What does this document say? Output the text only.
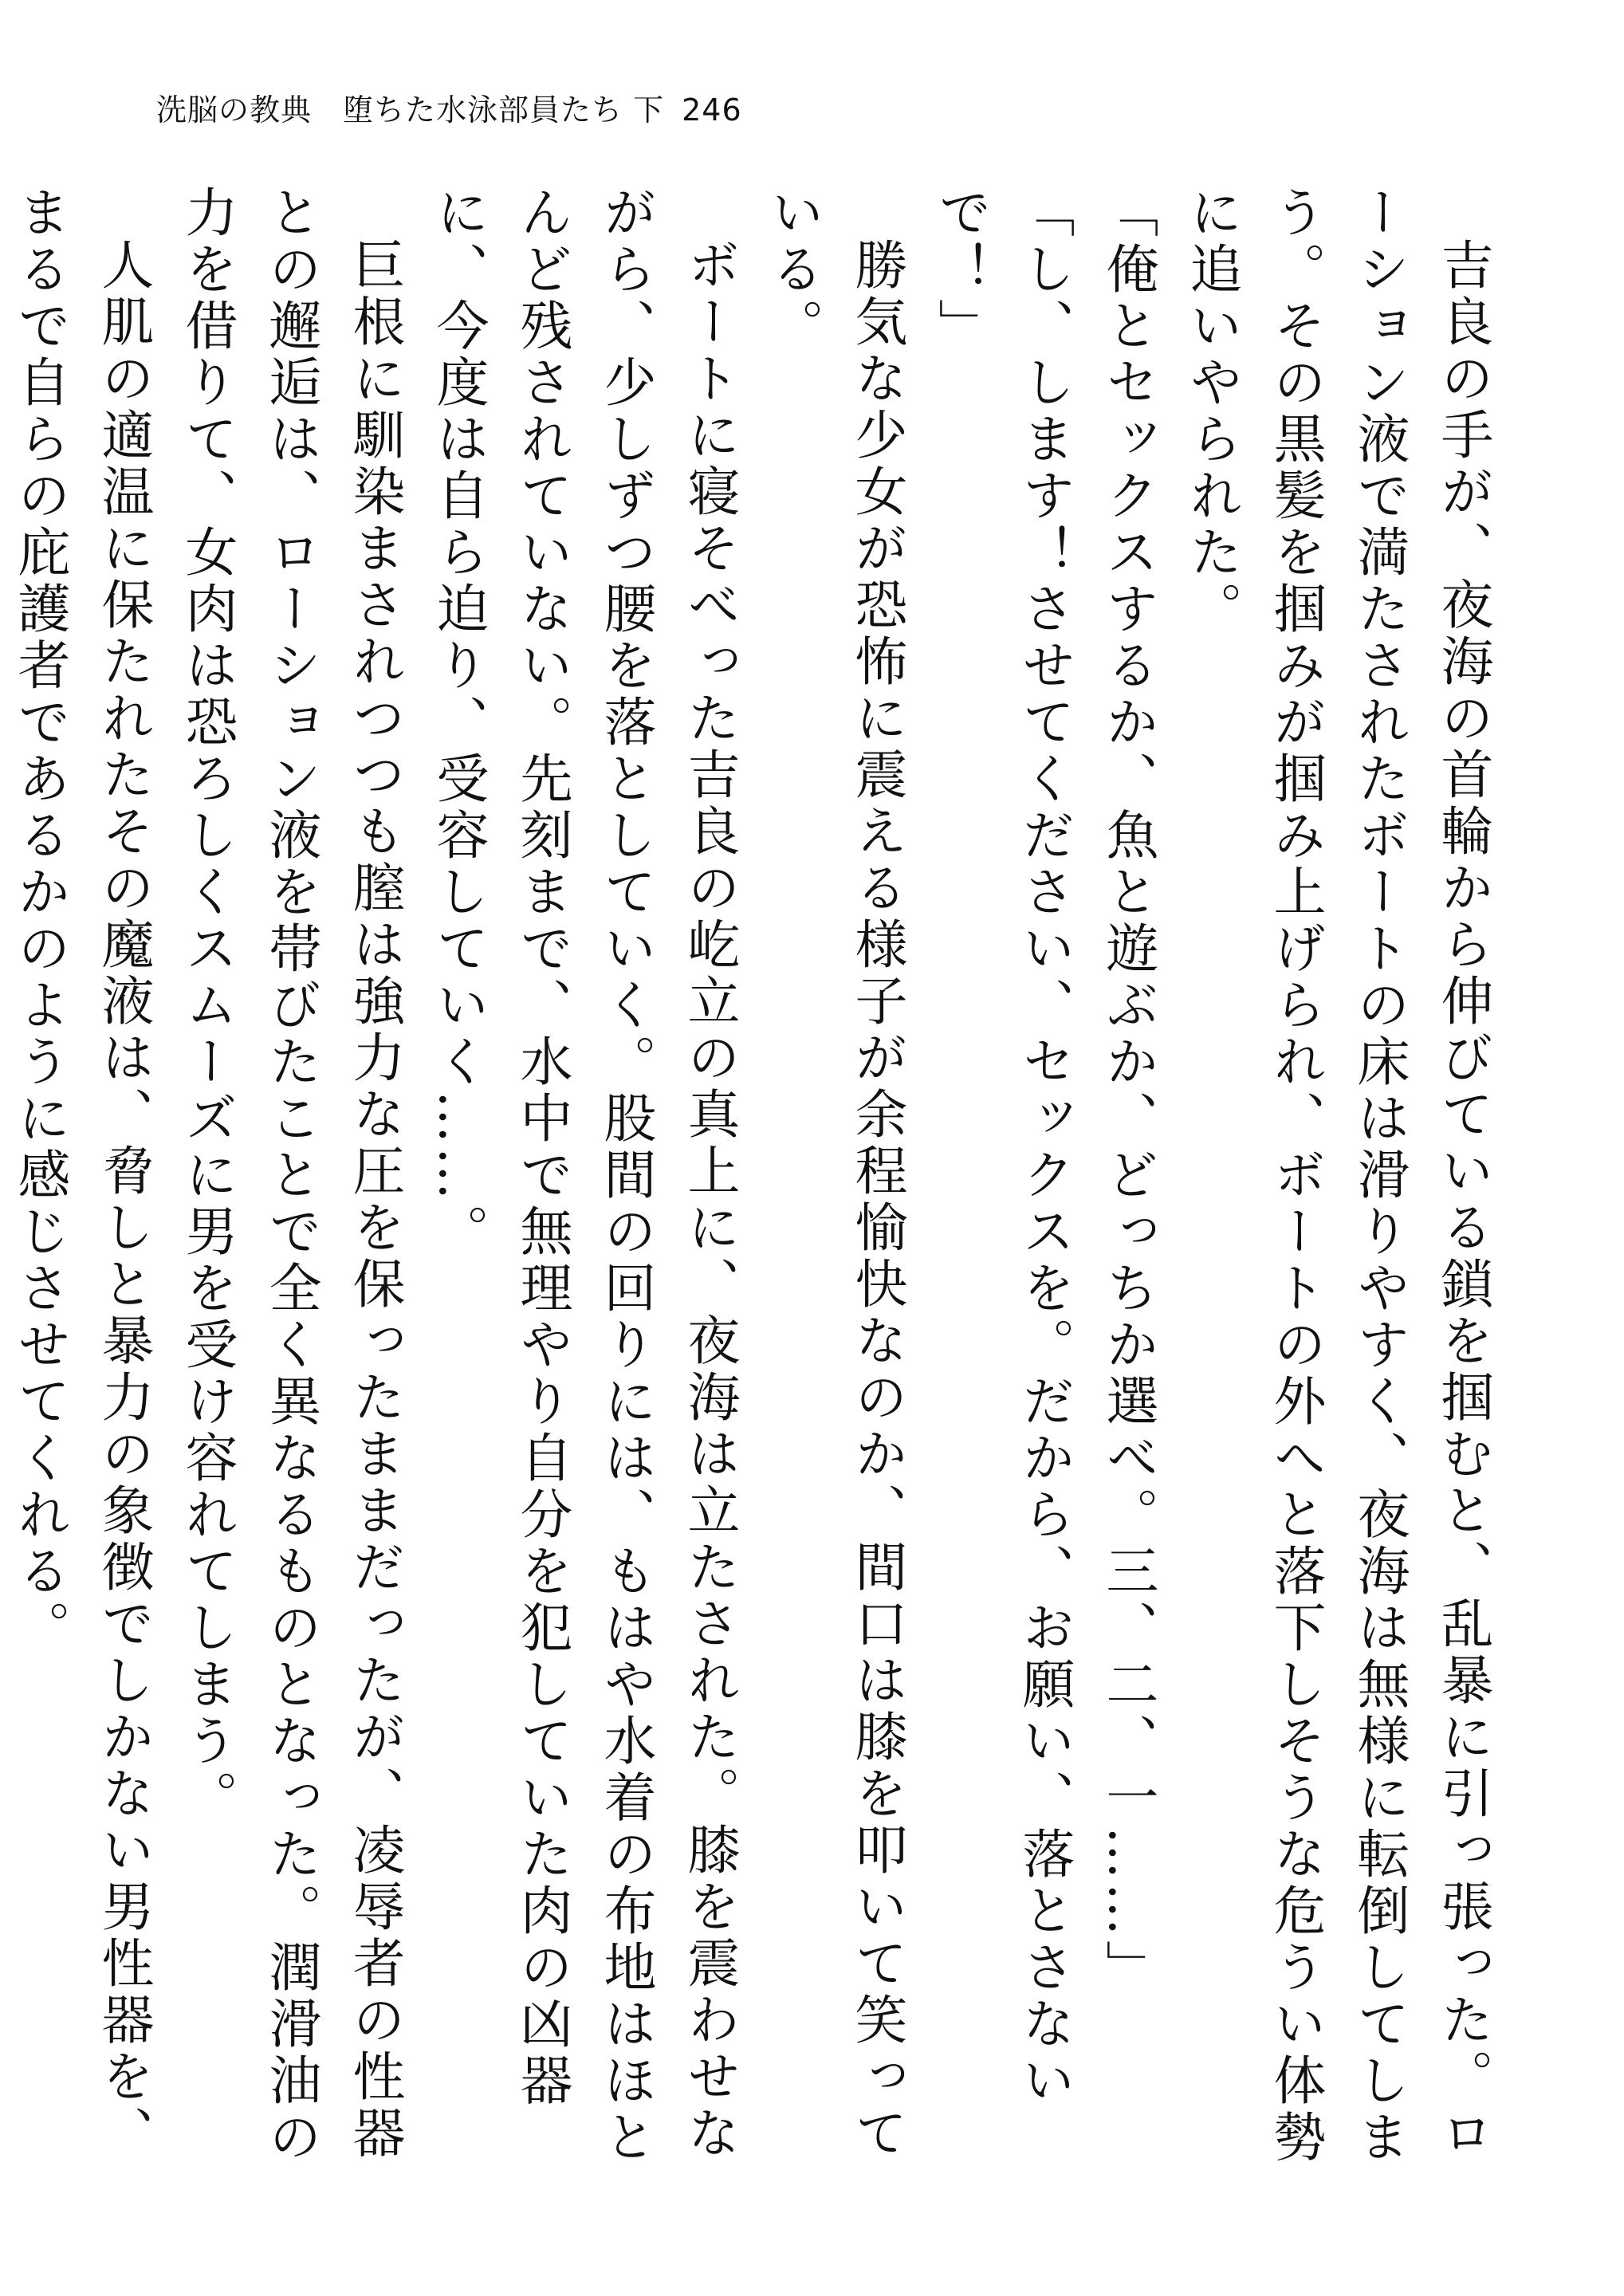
洗脳の教典　堕ちた水泳部員たち 下 246

吉良の手が、夜海の首輪から伸びている鎖を掴むと、乱暴に引っ張った。ローション液で満たされたボートの床は滑りやすく、夜海は無様に転倒してしまう。その黒髪を掴みが掴み上げられ、ボートの外へと落下しそうな危うい体勢に追いやられた。

「俺とセックスするか、魚と遊ぶか、どっちか選べ。三、二、一……」

「し、します！させてください、セックスを。だから、お願い、落とさないで！」

勝気な少女が恐怖に震える様子が余程愉快なのか、間口は膝を叩いて笑っている。

ボートに寝そべった吉良の屹立の真上に、夜海は立たされた。膝を震わせながら、少しずつ腰を落としていく。股間の回りには、もはや水着の布地はほとんど残されていない。先刻まで、水中で無理やり自分を犯していた肉の凶器に、今度は自ら迫り、受容していく……。

巨根に馴染まされつつも膣は強力な圧を保ったままだったが、凌辱者の性器との邂逅は、ローション液を帯びたことで全く異なるものとなった。潤滑油の力を借りて、女肉は恐ろしくスムーズに男を受け容れてしまう。

人肌の適温に保たれたその魔液は、脅しと暴力の象徴でしかない男性器を、まるで自らの庇護者であるかのように感じさせてくれる。
